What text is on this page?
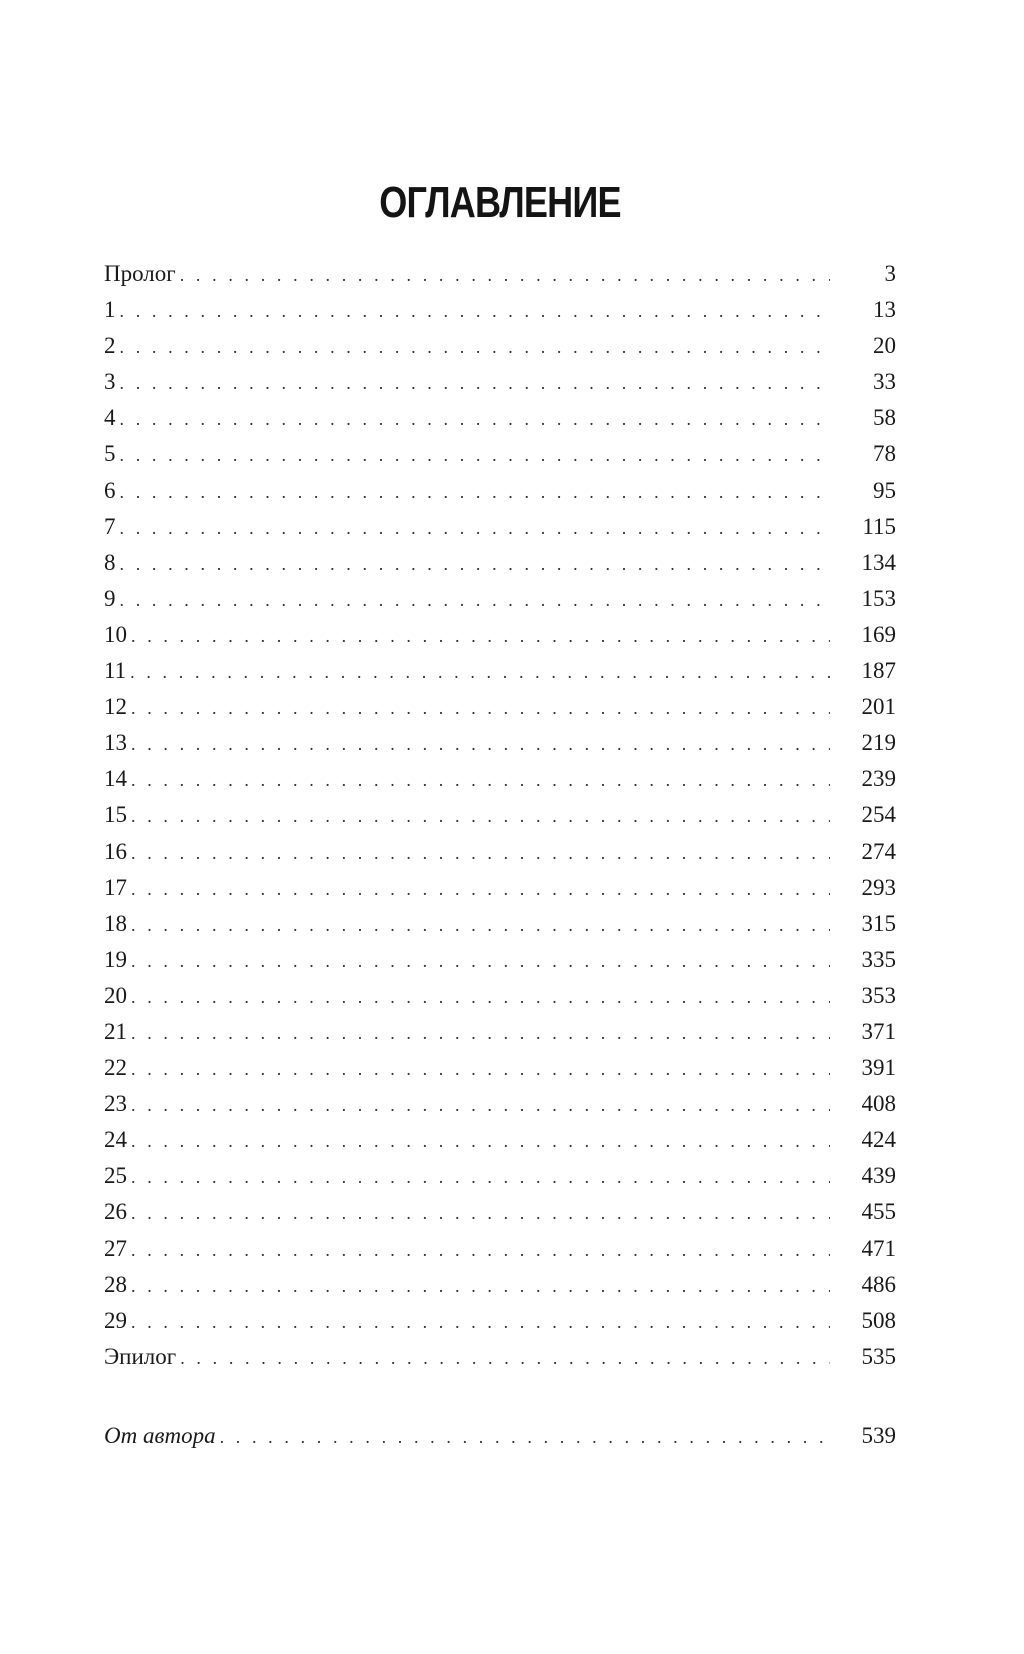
ОГЛАВЛЕНИЕ
Пролог . . .	3
1 . . .	13
2 . . .	20
3 . . .	33
4 . . .	58
5 . . .	78
6 . . .	95
7 . . .	115
8 . . .	134
9 . . .	153
10 . . .	169
11 . . .	187
12 . . .	201
13 . . .	219
14 . . .	239
15 . . .	254
16 . . .	274
17 . . .	293
18 . . .	315
19 . . .	335
20 . . .	353
21 . . .	371
22 . . .	391
23 . . .	408
24 . . .	424
25 . . .	439
26 . . .	455
27 . . .	471
28 . . .	486
29 . . .	508
Эпилог . . .	535
От автора . . .	539
